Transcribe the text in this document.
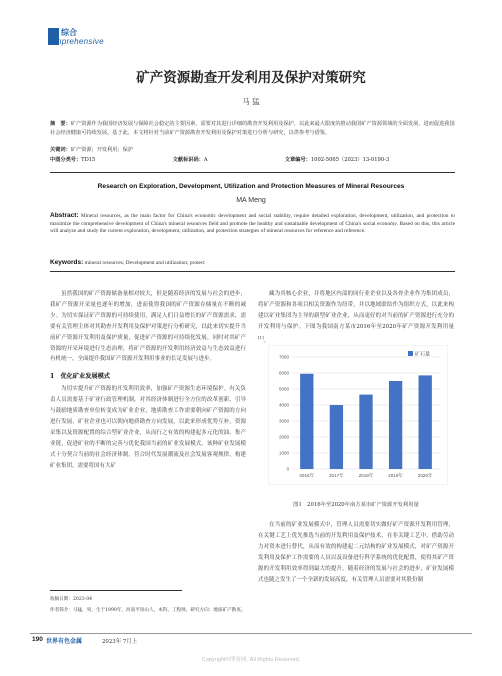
综合
omprehensive
矿产资源勘查开发利用及保护对策研究
马 猛
摘　要：矿产资源作为我国经济发展与保障社会稳定的主要因素，需要对其进行详细的勘查开发利用及保护，以此来最大限度的推动我国矿产资源领域的全面发展，进而促进我国社会经济健康可持续发展。基于此，本文将针对当前矿产资源勘查开发利用及保护对策进行分析与研究，以供参考与借鉴。
关键词：矿产资源；开发利用；保护
中图分类号：TD15	文献标识码：A	文章编号：1002-5065（2023）13-0190-3
Research on Exploration, Development, Utilization and Protection Measures of Mineral Resources
MA Meng
Abstract: Mineral resources, as the main factor for China's economic development and social stability, require detailed exploration, development, utilization, and protection to maximize the comprehensive development of China's mineral resources field and promote the healthy and sustainable development of China's social economy. Based on this, this article will analyze and study the current exploration, development, utilization, and protection strategies of mineral resources for reference and reference.
Keywords: mineral resources; Development and utilization; protect

虽然我国的矿产资源储备量相对较大，但是随着经济的发展与社会的进步，我矿产资源开采量也逐年的增加，进而使得我国的矿产资源存储量在不断的减少。为切实保证矿产资源的可持续使用，满足人们日益增长的矿产资源需求，需要有关管理主体对其勘查开发利用及保护对策进行分析研究，以此来切实提升当前矿产资源开发利用及保护质量，促进矿产资源的可持续化发展。同时对其矿产资源的开采环境进行生态治理，将矿产资源的开发利用经济效益与生态效益进行有机统一，全面提升我国矿产资源开发利用事业的长足发展与进步。

1　优化矿业发展模式

为切实提升矿产资源的开发利用效率，加强矿产资源生态环境保护。有关负责人员需要基于矿业行政管理机制，对其经济体制进行全方位的改革创新，引导与鼓励地质勘查单位转变成为矿业企业，地质勘查工作需要朝向矿产资源的方向进行发展，矿业企业也可以朝向地质勘查方向发展，以此来形成优势互补，资源采集以及资源配置的综合型矿业企业，从而行之有效的构建起多元化的油、集产业链，促进矿业的不断的完善与优化我国当前的矿业发展模式。该种矿业发展模式十分契合当前的社会经济体制，符合时代发展潮流及社会发展客观规律，构建矿业集团，需要将国有大矿

藏为其核心企业，并将地区内部的同行业企业以及各骨企业作为集团成员，将矿产资源和各项目相关资源作为纽带，并以地域联结作为组织方式，以此来构建以矿业集团为主导的新型矿业企业，从而更好的对当前的矿产资源进行充分的开发利用与保护。下图为我国南方某市2016年至2020年矿产资源开发利用量[1]。

0
1000
2000
3000
4000
5000
6000
7000
2016年	2017年	2018年	2019年	2020年
矿石量
图1　2016年至2020年南方某市矿产资源开发利用量

在当前的矿业发展模式中，管理人员需要切实做好矿产资源开发利用管理，在关键工艺上优先推选当前的开发利用及保护技术，在非关键工艺中，借助劳动力对资本进行替代，从而有效的构建起二元结构的矿业发展模式，对矿产资源开发利用及保护工作需要的人员以及设备进行科学系统的优化配置，使得其矿产资源的开发利用效率得到最大的提升。随着经济的发展与社会的进步，矿业发展模式也随之发生了一个全新的发展高度，有关管理人员需要对其股份制

收稿日期：2023-04
作者简介：马猛，男，生于1990年，河南平顶山人，本科，工程师，研究方向：地质矿产勘查。
190 世界有色金属	2023年 7月上
Copyright©博看网. All Rights Reserved.
